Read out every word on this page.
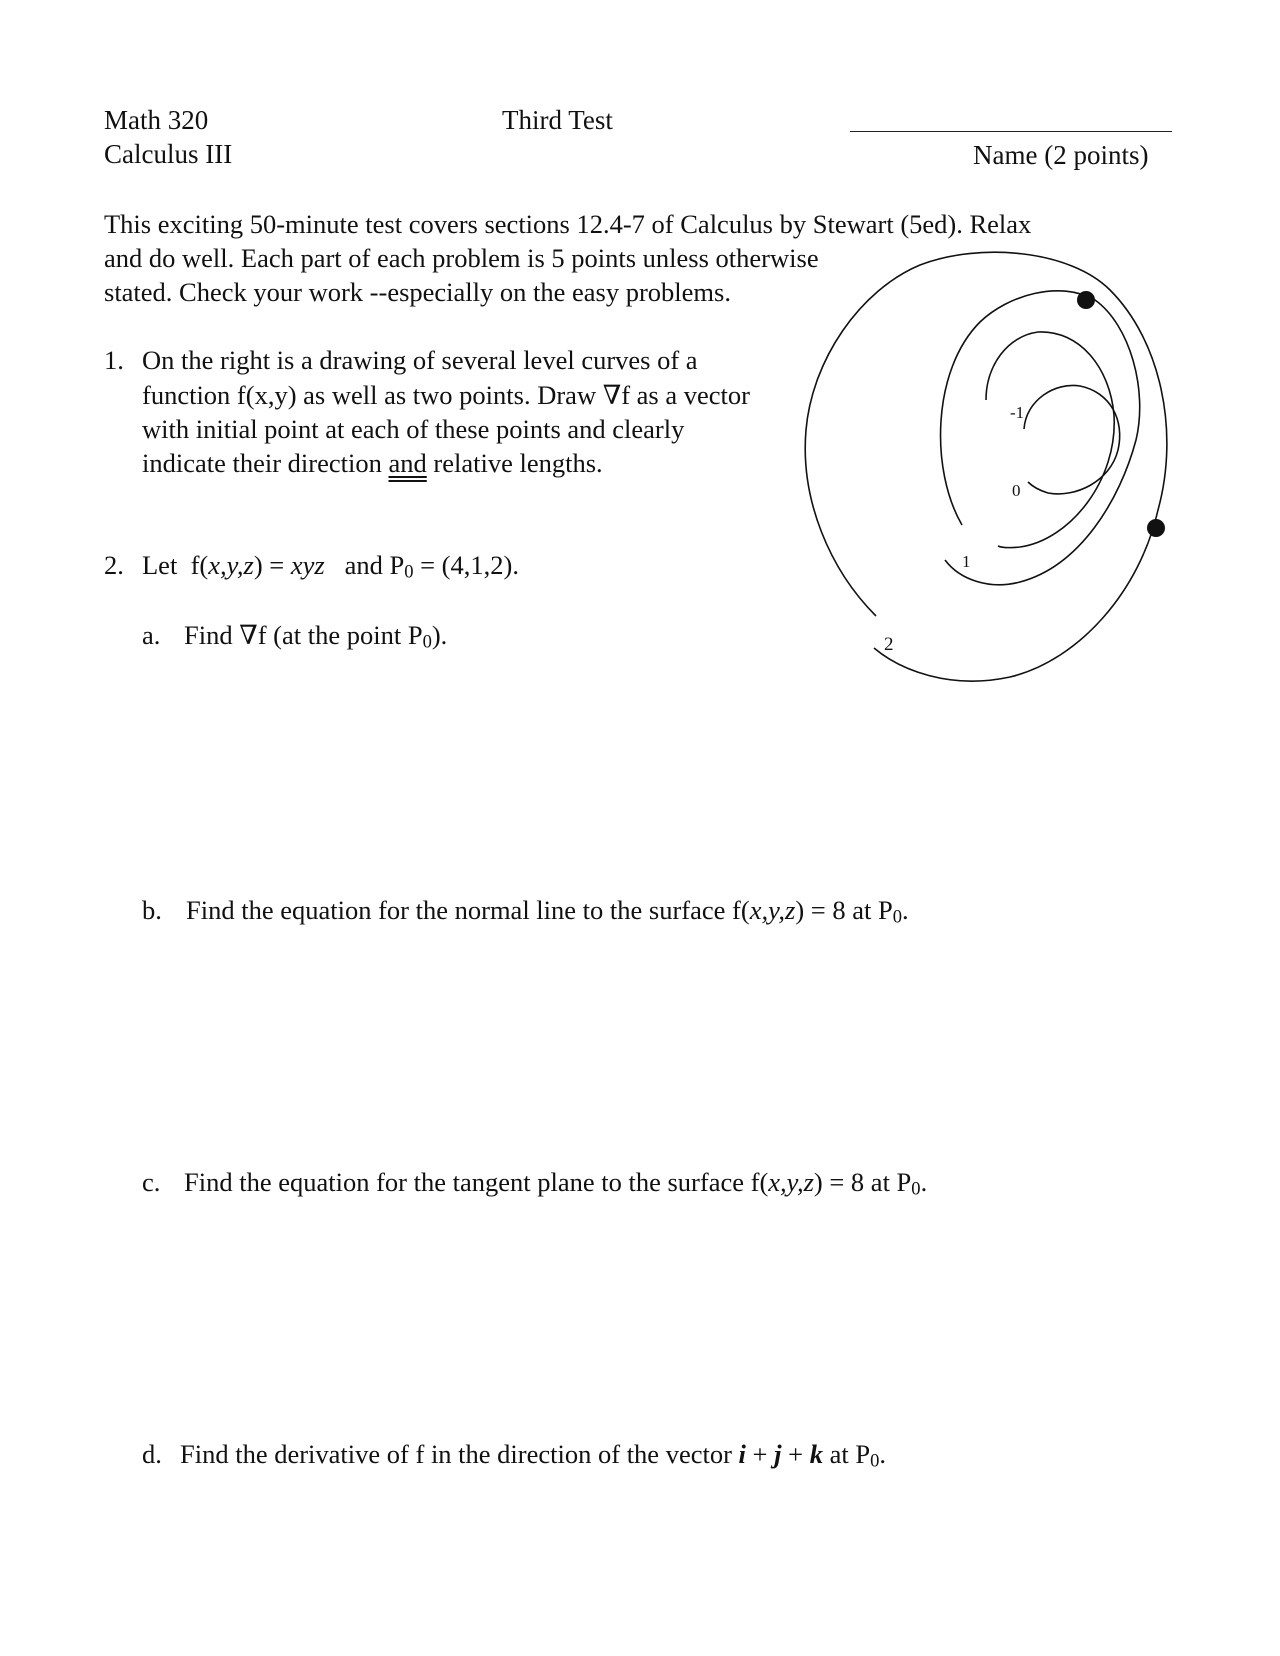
Math 320
Calculus III
Third Test
Name (2 points)
This exciting 50-minute test covers sections 12.4-7 of Calculus by Stewart (5ed). Relax
and do well. Each part of each problem is 5 points unless otherwise
stated. Check your work --especially on the easy problems.
1. On the right is a drawing of several level curves of a
function f(x,y) as well as two points. Draw ∇f as a vector
with initial point at each of these points and clearly
indicate their direction and relative lengths.
-1
0
1
2
2. Let f(x,y,z) = xyz and $P_0 = (4,1,2)$.
a. Find ∇f (at the point $P_0$).
b. Find the equation for the normal line to the surface f(x,y,z) = 8 at $P_0$.
c. Find the equation for the tangent plane to the surface f(x,y,z) = 8 at $P_0$.
d. Find the derivative of f in the direction of the vector i + j + k at $P_0$.
